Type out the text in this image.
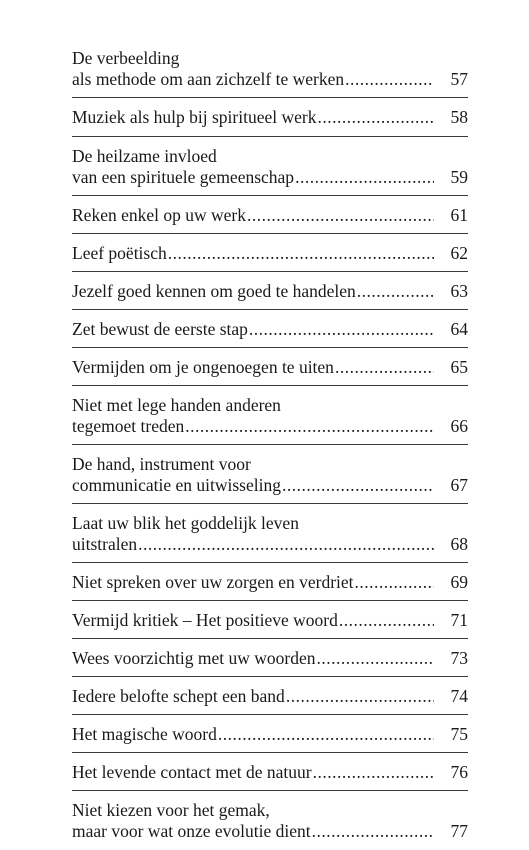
De verbeelding
als methode om aan zichzelf te werken .....	57
Muziek als hulp bij spiritueel werk .....	58
De heilzame invloed
van een spirituele gemeenschap .....	59
Reken enkel op uw werk .....	61
Leef poëtisch .....	62
Jezelf goed kennen om goed te handelen .....	63
Zet bewust de eerste stap .....	64
Vermijden om je ongenoegen te uiten .....	65
Niet met lege handen anderen
tegemoet treden .....	66
De hand, instrument voor
communicatie en uitwisseling .....	67
Laat uw blik het goddelijk leven
uitstralen .....	68
Niet spreken over uw zorgen en verdriet .....	69
Vermijd kritiek – Het positieve woord .....	71
Wees voorzichtig met uw woorden .....	73
Iedere belofte schept een band .....	74
Het magische woord .....	75
Het levende contact met de natuur .....	76
Niet kiezen voor het gemak,
maar voor wat onze evolutie dient .....	77
